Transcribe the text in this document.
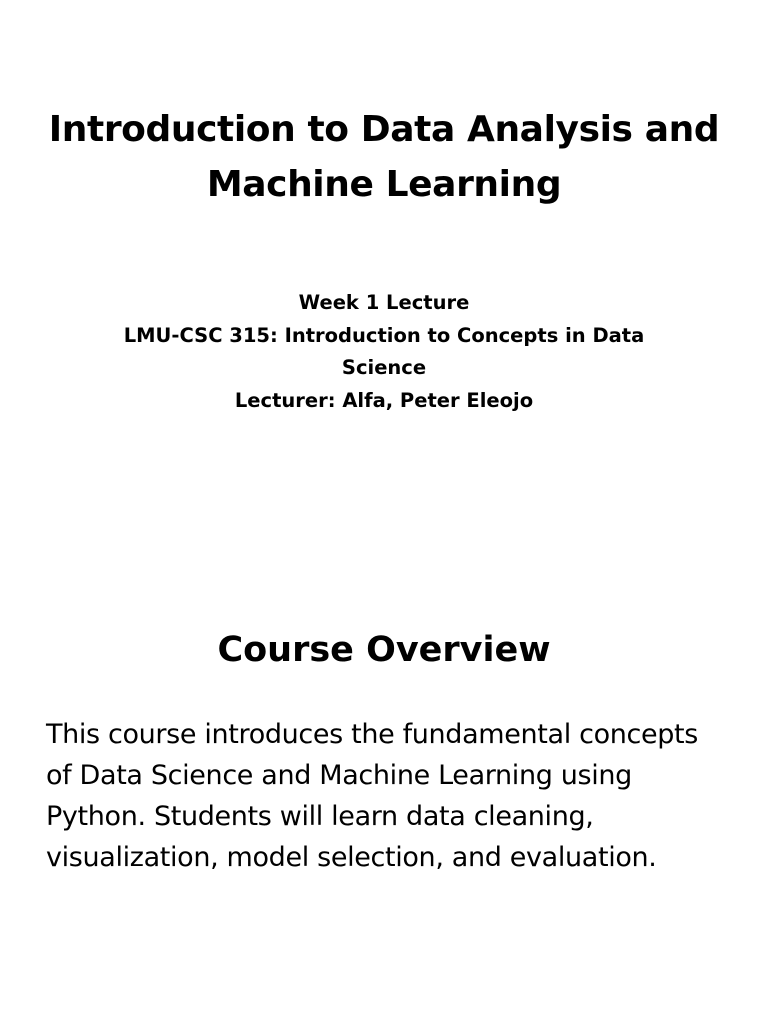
Introduction to Data Analysis and Machine Learning
Week 1 Lecture
LMU-CSC 315: Introduction to Concepts in Data Science
Lecturer: Alfa, Peter Eleojo
Course Overview

This course introduces the fundamental concepts of Data Science and Machine Learning using Python. Students will learn data cleaning, visualization, model selection, and evaluation.
